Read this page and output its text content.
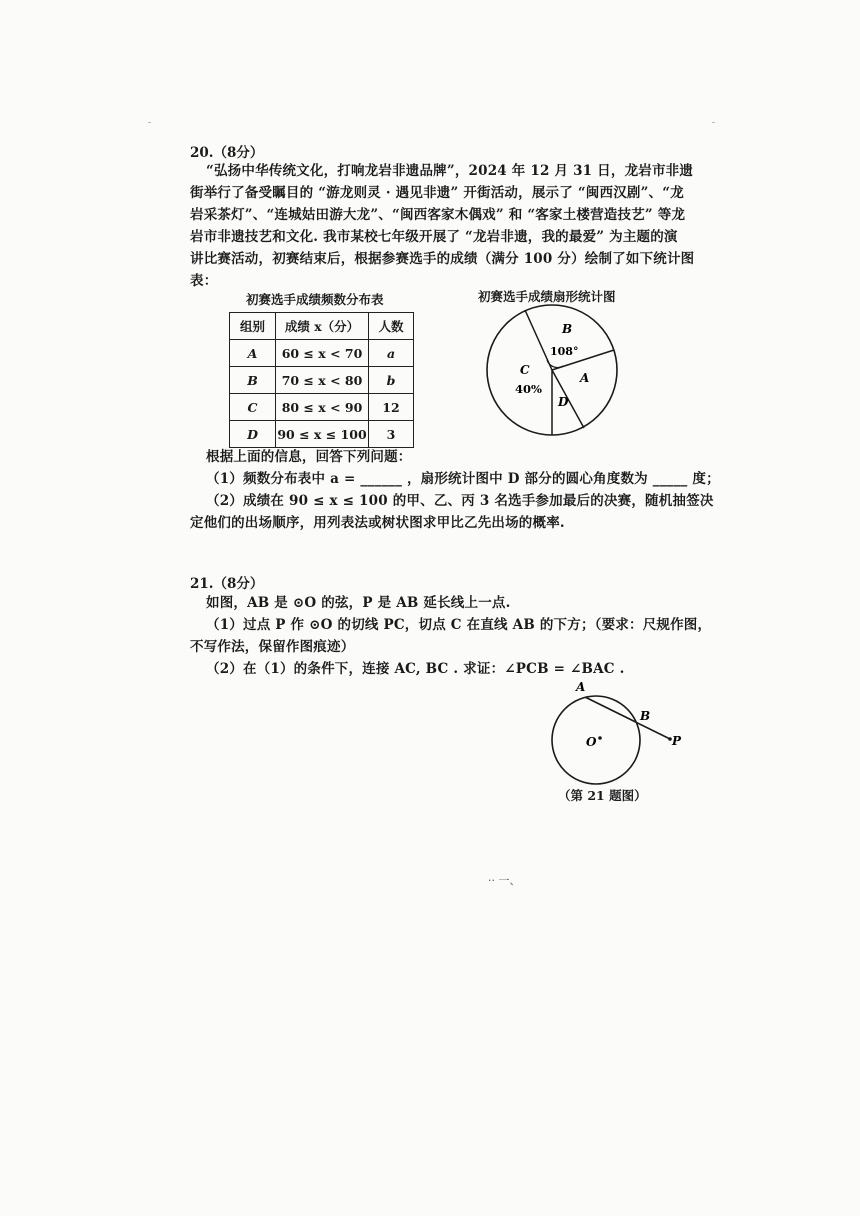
20.（8分）
“弘扬中华传统文化，打响龙岩非遗品牌”，2024 年 12 月 31 日，龙岩市非遗
街举行了备受瞩目的 “游龙则灵 · 遇见非遗” 开街活动，展示了 “闽西汉剧”、“龙
岩采茶灯”、“连城姑田游大龙”、“闽西客家木偶戏” 和 “客家土楼营造技艺” 等龙
岩市非遗技艺和文化. 我市某校七年级开展了 “龙岩非遗，我的最爱” 为主题的演
讲比赛活动，初赛结束后，根据参赛选手的成绩（满分 100 分）绘制了如下统计图
表：
初赛选手成绩频数分布表
组别	成绩 x（分）	人数
A	60 ≤ x < 70	a
B	70 ≤ x < 80	b
C	80 ≤ x < 90	12
D	90 ≤ x ≤ 100	3
初赛选手成绩扇形统计图
B
108°
C
40%
A
D
根据上面的信息，回答下列问题：
（1）频数分布表中 a = ______ ，扇形统计图中 D 部分的圆心角度数为 _____ 度；
（2）成绩在 90 ≤ x ≤ 100 的甲、乙、丙 3 名选手参加最后的决赛，随机抽签决
定他们的出场顺序，用列表法或树状图求甲比乙先出场的概率.
21.（8分）
如图，AB 是 ⊙O 的弦，P 是 AB 延长线上一点.
（1）过点 P 作 ⊙O 的切线 PC，切点 C 在直线 AB 的下方；（要求：尺规作图，
不写作法，保留作图痕迹）
（2）在（1）的条件下，连接 AC, BC . 求证：∠PCB = ∠BAC .
A
B
O	P
（第 21 题图）
·· 一、
